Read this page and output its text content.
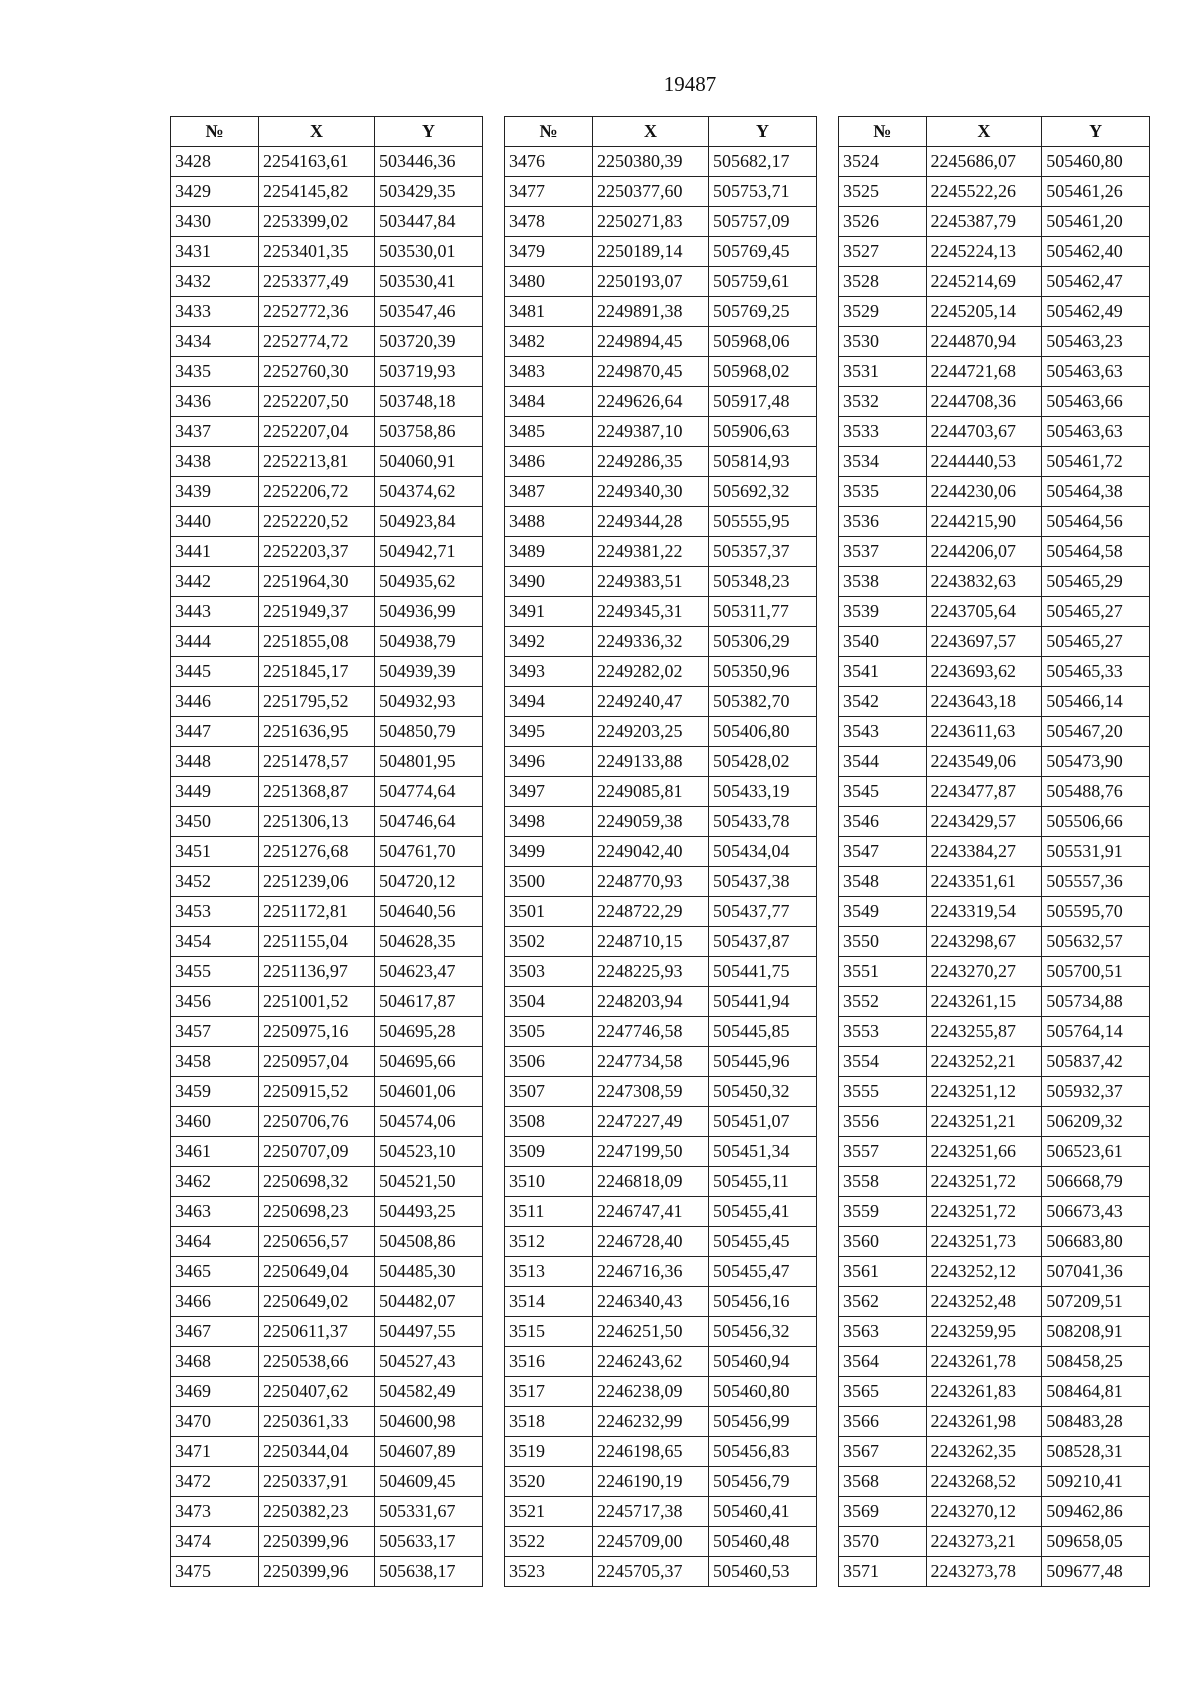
19487
№	X	Y
3428	2254163,61	503446,36
3429	2254145,82	503429,35
3430	2253399,02	503447,84
3431	2253401,35	503530,01
3432	2253377,49	503530,41
3433	2252772,36	503547,46
3434	2252774,72	503720,39
3435	2252760,30	503719,93
3436	2252207,50	503748,18
3437	2252207,04	503758,86
3438	2252213,81	504060,91
3439	2252206,72	504374,62
3440	2252220,52	504923,84
3441	2252203,37	504942,71
3442	2251964,30	504935,62
3443	2251949,37	504936,99
3444	2251855,08	504938,79
3445	2251845,17	504939,39
3446	2251795,52	504932,93
3447	2251636,95	504850,79
3448	2251478,57	504801,95
3449	2251368,87	504774,64
3450	2251306,13	504746,64
3451	2251276,68	504761,70
3452	2251239,06	504720,12
3453	2251172,81	504640,56
3454	2251155,04	504628,35
3455	2251136,97	504623,47
3456	2251001,52	504617,87
3457	2250975,16	504695,28
3458	2250957,04	504695,66
3459	2250915,52	504601,06
3460	2250706,76	504574,06
3461	2250707,09	504523,10
3462	2250698,32	504521,50
3463	2250698,23	504493,25
3464	2250656,57	504508,86
3465	2250649,04	504485,30
3466	2250649,02	504482,07
3467	2250611,37	504497,55
3468	2250538,66	504527,43
3469	2250407,62	504582,49
3470	2250361,33	504600,98
3471	2250344,04	504607,89
3472	2250337,91	504609,45
3473	2250382,23	505331,67
3474	2250399,96	505633,17
3475	2250399,96	505638,17
№	X	Y
3476	2250380,39	505682,17
3477	2250377,60	505753,71
3478	2250271,83	505757,09
3479	2250189,14	505769,45
3480	2250193,07	505759,61
3481	2249891,38	505769,25
3482	2249894,45	505968,06
3483	2249870,45	505968,02
3484	2249626,64	505917,48
3485	2249387,10	505906,63
3486	2249286,35	505814,93
3487	2249340,30	505692,32
3488	2249344,28	505555,95
3489	2249381,22	505357,37
3490	2249383,51	505348,23
3491	2249345,31	505311,77
3492	2249336,32	505306,29
3493	2249282,02	505350,96
3494	2249240,47	505382,70
3495	2249203,25	505406,80
3496	2249133,88	505428,02
3497	2249085,81	505433,19
3498	2249059,38	505433,78
3499	2249042,40	505434,04
3500	2248770,93	505437,38
3501	2248722,29	505437,77
3502	2248710,15	505437,87
3503	2248225,93	505441,75
3504	2248203,94	505441,94
3505	2247746,58	505445,85
3506	2247734,58	505445,96
3507	2247308,59	505450,32
3508	2247227,49	505451,07
3509	2247199,50	505451,34
3510	2246818,09	505455,11
3511	2246747,41	505455,41
3512	2246728,40	505455,45
3513	2246716,36	505455,47
3514	2246340,43	505456,16
3515	2246251,50	505456,32
3516	2246243,62	505460,94
3517	2246238,09	505460,80
3518	2246232,99	505456,99
3519	2246198,65	505456,83
3520	2246190,19	505456,79
3521	2245717,38	505460,41
3522	2245709,00	505460,48
3523	2245705,37	505460,53
№	X	Y
3524	2245686,07	505460,80
3525	2245522,26	505461,26
3526	2245387,79	505461,20
3527	2245224,13	505462,40
3528	2245214,69	505462,47
3529	2245205,14	505462,49
3530	2244870,94	505463,23
3531	2244721,68	505463,63
3532	2244708,36	505463,66
3533	2244703,67	505463,63
3534	2244440,53	505461,72
3535	2244230,06	505464,38
3536	2244215,90	505464,56
3537	2244206,07	505464,58
3538	2243832,63	505465,29
3539	2243705,64	505465,27
3540	2243697,57	505465,27
3541	2243693,62	505465,33
3542	2243643,18	505466,14
3543	2243611,63	505467,20
3544	2243549,06	505473,90
3545	2243477,87	505488,76
3546	2243429,57	505506,66
3547	2243384,27	505531,91
3548	2243351,61	505557,36
3549	2243319,54	505595,70
3550	2243298,67	505632,57
3551	2243270,27	505700,51
3552	2243261,15	505734,88
3553	2243255,87	505764,14
3554	2243252,21	505837,42
3555	2243251,12	505932,37
3556	2243251,21	506209,32
3557	2243251,66	506523,61
3558	2243251,72	506668,79
3559	2243251,72	506673,43
3560	2243251,73	506683,80
3561	2243252,12	507041,36
3562	2243252,48	507209,51
3563	2243259,95	508208,91
3564	2243261,78	508458,25
3565	2243261,83	508464,81
3566	2243261,98	508483,28
3567	2243262,35	508528,31
3568	2243268,52	509210,41
3569	2243270,12	509462,86
3570	2243273,21	509658,05
3571	2243273,78	509677,48
